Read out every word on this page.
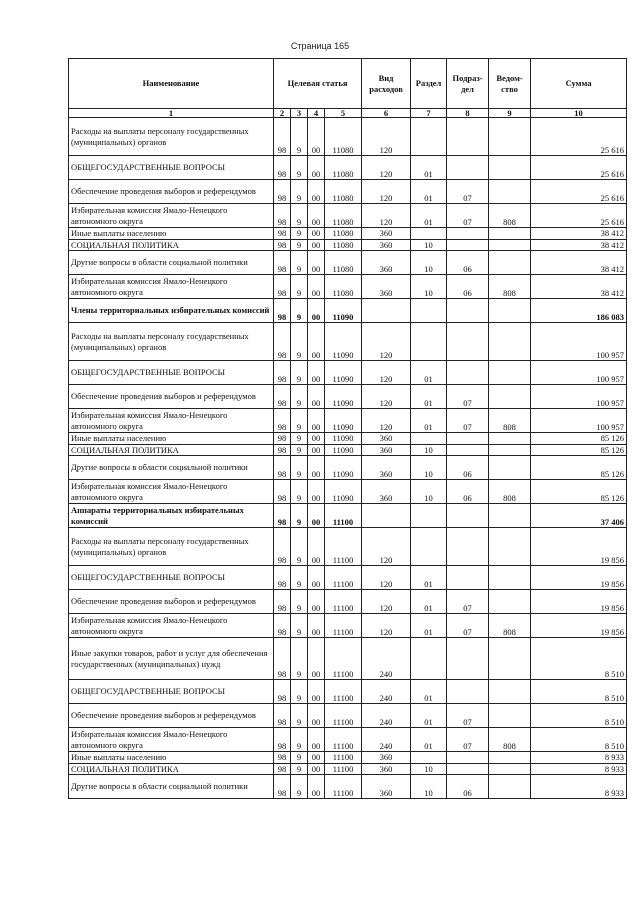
Страница 165
Наименование	Целевая статья				Вид расходов	Раздел	Подраз-дел	Ведом-ство	Сумма
1	2	3	4	5	6	7	8	9	10
Расходы на выплаты персоналу государственных (муниципальных) органов	98	9	00	11080	120				25 616
ОБЩЕГОСУДАРСТВЕННЫЕ ВОПРОСЫ	98	9	00	11080	120	01			25 616
Обеспечение проведения выборов и референдумов	98	9	00	11080	120	01	07		25 616
Избирательная комиссия Ямало-Ненецкого автономного округа	98	9	00	11080	120	01	07	808	25 616
Иные выплаты населению	98	9	00	11080	360				38 412
СОЦИАЛЬНАЯ ПОЛИТИКА	98	9	00	11080	360	10			38 412
Другие вопросы в области социальной политики	98	9	00	11080	360	10	06		38 412
Избирательная комиссия Ямало-Ненецкого автономного округа	98	9	00	11080	360	10	06	808	38 412
Члены территориальных избирательных комиссий	98	9	00	11090					186 083
Расходы на выплаты персоналу государственных (муниципальных) органов	98	9	00	11090	120				100 957
ОБЩЕГОСУДАРСТВЕННЫЕ ВОПРОСЫ	98	9	00	11090	120	01			100 957
Обеспечение проведения выборов и референдумов	98	9	00	11090	120	01	07		100 957
Избирательная комиссия Ямало-Ненецкого автономного округа	98	9	00	11090	120	01	07	808	100 957
Иные выплаты населению	98	9	00	11090	360				85 126
СОЦИАЛЬНАЯ ПОЛИТИКА	98	9	00	11090	360	10			85 126
Другие вопросы в области социальной политики	98	9	00	11090	360	10	06		85 126
Избирательная комиссия Ямало-Ненецкого автономного округа	98	9	00	11090	360	10	06	808	85 126
Аппараты территориальных избирательных комиссий	98	9	00	11100					37 406
Расходы на выплаты персоналу государственных (муниципальных) органов	98	9	00	11100	120				19 856
ОБЩЕГОСУДАРСТВЕННЫЕ ВОПРОСЫ	98	9	00	11100	120	01			19 856
Обеспечение проведения выборов и референдумов	98	9	00	11100	120	01	07		19 856
Избирательная комиссия Ямало-Ненецкого автономного округа	98	9	00	11100	120	01	07	808	19 856
Иные закупки товаров, работ и услуг для обеспечения государственных (муниципальных) нужд	98	9	00	11100	240				8 510
ОБЩЕГОСУДАРСТВЕННЫЕ ВОПРОСЫ	98	9	00	11100	240	01			8 510
Обеспечение проведения выборов и референдумов	98	9	00	11100	240	01	07		8 510
Избирательная комиссия Ямало-Ненецкого автономного округа	98	9	00	11100	240	01	07	808	8 510
Иные выплаты населению	98	9	00	11100	360				8 933
СОЦИАЛЬНАЯ ПОЛИТИКА	98	9	00	11100	360	10			8 933
Другие вопросы в области социальной политики	98	9	00	11100	360	10	06		8 933
